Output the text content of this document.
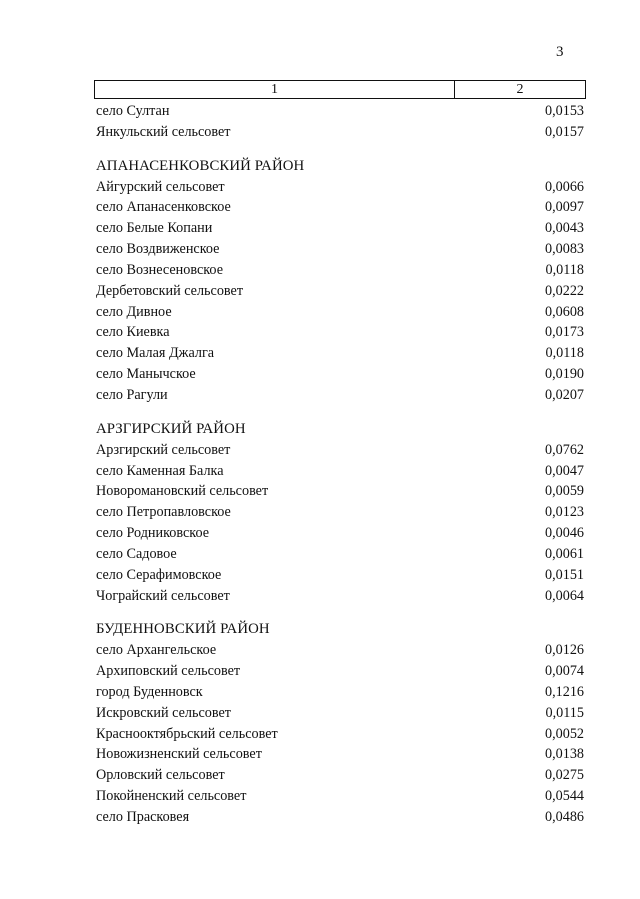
3
1	2
село Султан	0,0153
Янкульский сельсовет	0,0157
АПАНАСЕНКОВСКИЙ РАЙОН
Айгурский сельсовет	0,0066
село Апанасенковское	0,0097
село Белые Копани	0,0043
село Воздвиженское	0,0083
село Вознесеновское	0,0118
Дербетовский сельсовет	0,0222
село Дивное	0,0608
село Киевка	0,0173
село Малая Джалга	0,0118
село Манычское	0,0190
село Рагули	0,0207
АРЗГИРСКИЙ РАЙОН
Арзгирский сельсовет	0,0762
село Каменная Балка	0,0047
Новоромановский сельсовет	0,0059
село Петропавловское	0,0123
село Родниковское	0,0046
село Садовое	0,0061
село Серафимовское	0,0151
Чограйский сельсовет	0,0064
БУДЕННОВСКИЙ РАЙОН
село Архангельское	0,0126
Архиповский сельсовет	0,0074
город Буденновск	0,1216
Искровский сельсовет	0,0115
Краснооктябрьский сельсовет	0,0052
Новожизненский сельсовет	0,0138
Орловский сельсовет	0,0275
Покойненский сельсовет	0,0544
село Прасковея	0,0486
